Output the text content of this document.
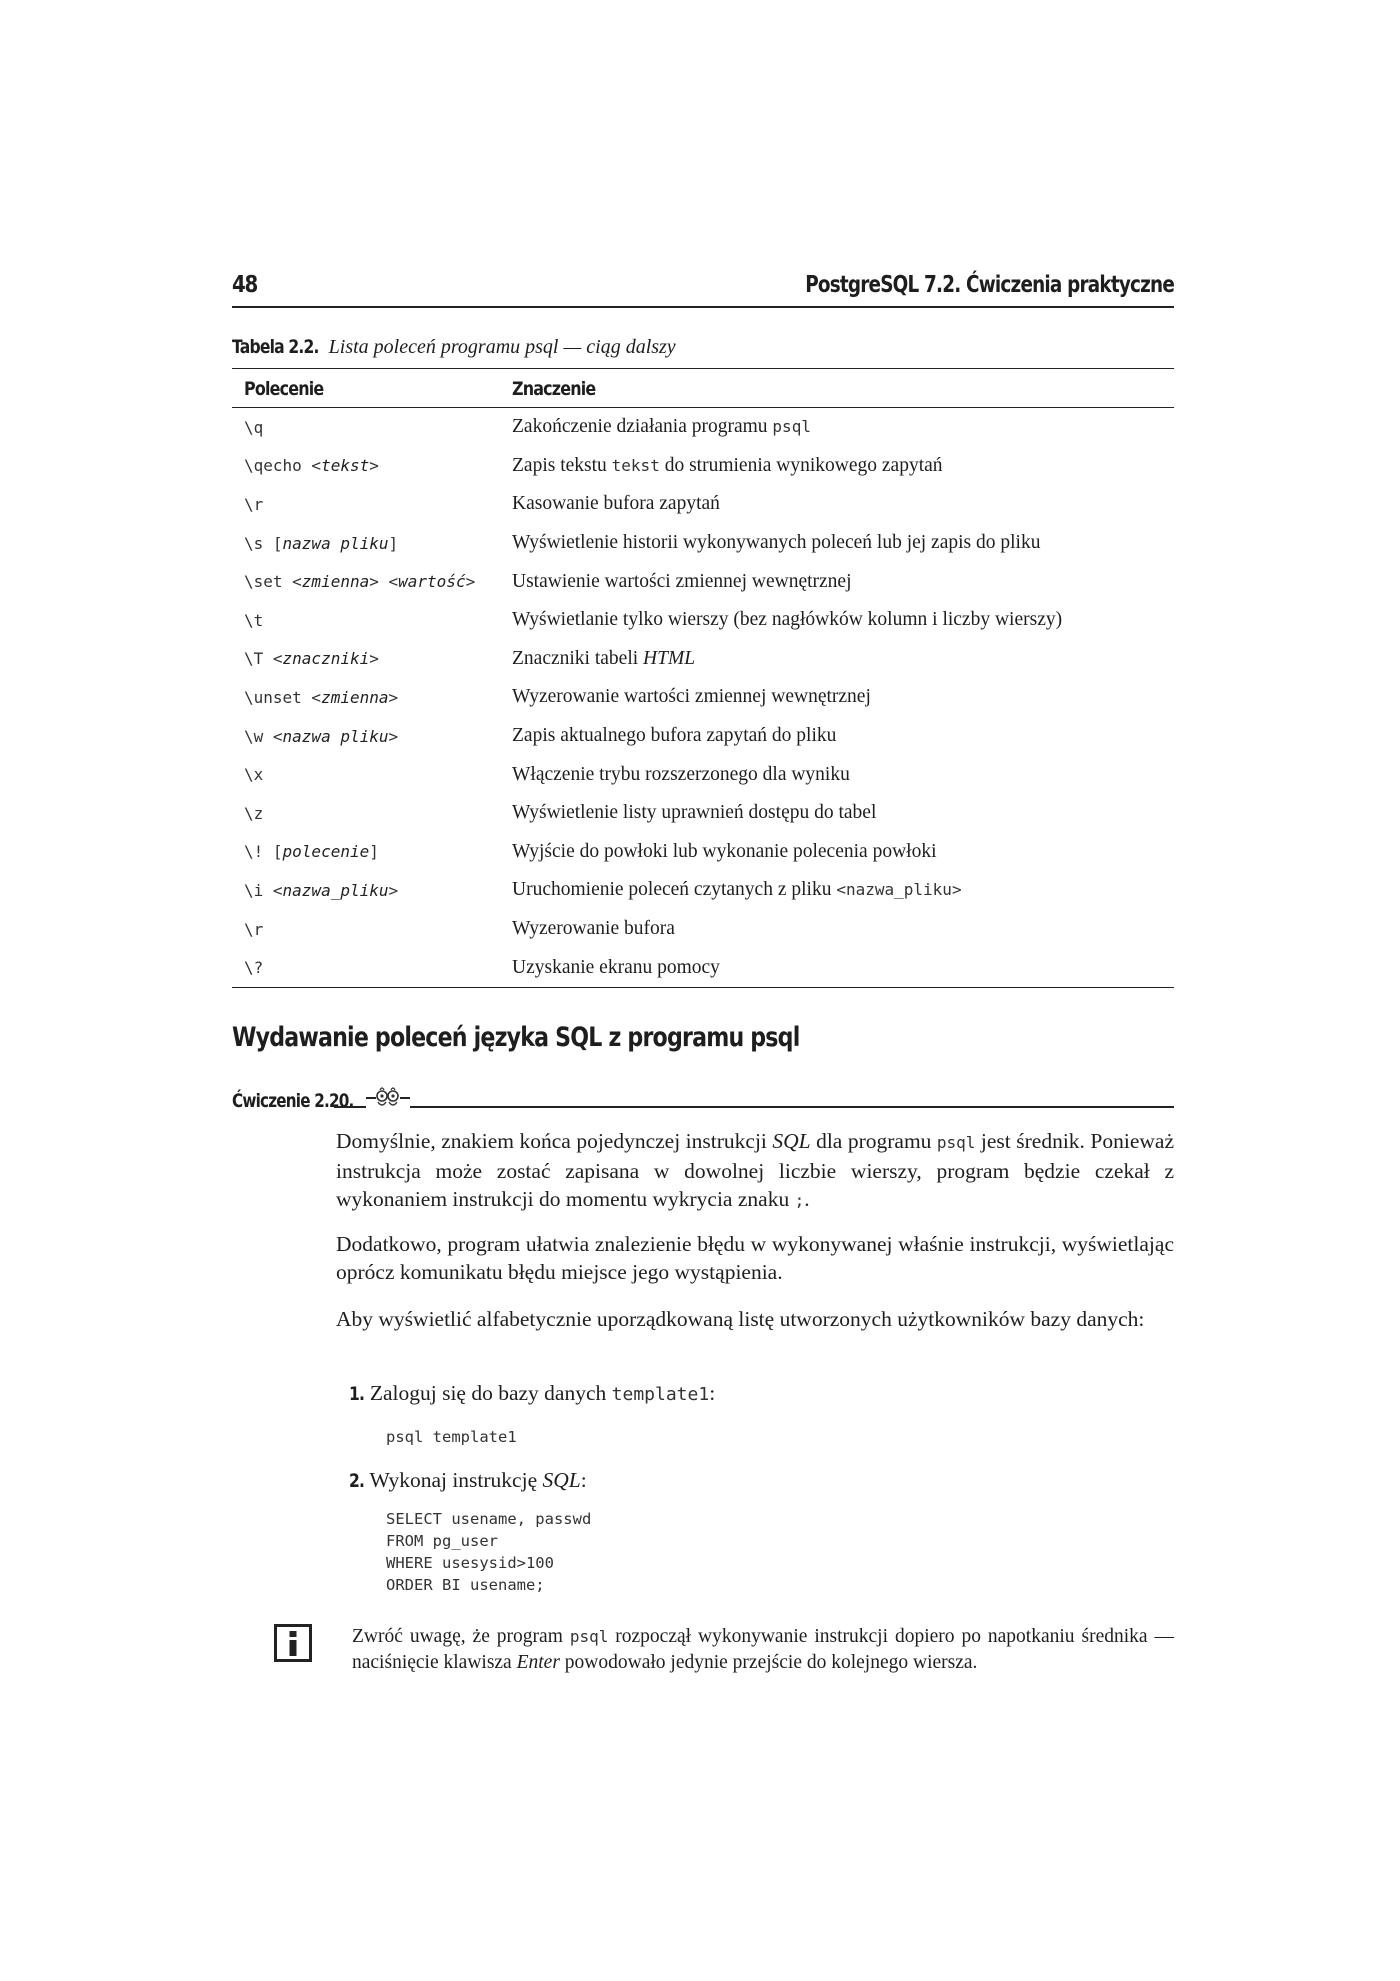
48	PostgreSQL 7.2. Ćwiczenia praktyczne
Tabela 2.2. Lista poleceń programu psql — ciąg dalszy
Polecenie	Znaczenie
\q	Zakończenie działania programu psql
\qecho <tekst>	Zapis tekstu tekst do strumienia wynikowego zapytań
\r	Kasowanie bufora zapytań
\s [nazwa pliku]	Wyświetlenie historii wykonywanych poleceń lub jej zapis do pliku
\set <zmienna> <wartość>	Ustawienie wartości zmiennej wewnętrznej
\t	Wyświetlanie tylko wierszy (bez nagłówków kolumn i liczby wierszy)
\T <znaczniki>	Znaczniki tabeli HTML
\unset <zmienna>	Wyzerowanie wartości zmiennej wewnętrznej
\w <nazwa pliku>	Zapis aktualnego bufora zapytań do pliku
\x	Włączenie trybu rozszerzonego dla wyniku
\z	Wyświetlenie listy uprawnień dostępu do tabel
\! [polecenie]	Wyjście do powłoki lub wykonanie polecenia powłoki
\i <nazwa_pliku>	Uruchomienie poleceń czytanych z pliku <nazwa_pliku>
\r	Wyzerowanie bufora
\?	Uzyskanie ekranu pomocy
Wydawanie poleceń języka SQL z programu psql
Ćwiczenie 2.20.

Domyślnie, znakiem końca pojedynczej instrukcji SQL dla programu psql jest średnik. Ponieważ instrukcja może zostać zapisana w dowolnej liczbie wierszy, program będzie czekał z wykonaniem instrukcji do momentu wykrycia znaku ;.

Dodatkowo, program ułatwia znalezienie błędu w wykonywanej właśnie instrukcji, wyświetlając oprócz komunikatu błędu miejsce jego wystąpienia.

Aby wyświetlić alfabetycznie uporządkowaną listę utworzonych użytkowników bazy danych:

1. Zaloguj się do bazy danych template1:
psql template1
2. Wykonaj instrukcję SQL:
SELECT usename, passwd
FROM pg_user
WHERE usesysid>100
ORDER BI usename;

Zwróć uwagę, że program psql rozpoczął wykonywanie instrukcji dopiero po napotkaniu średnika — naciśnięcie klawisza Enter powodowało jedynie przejście do kolejnego wiersza.
